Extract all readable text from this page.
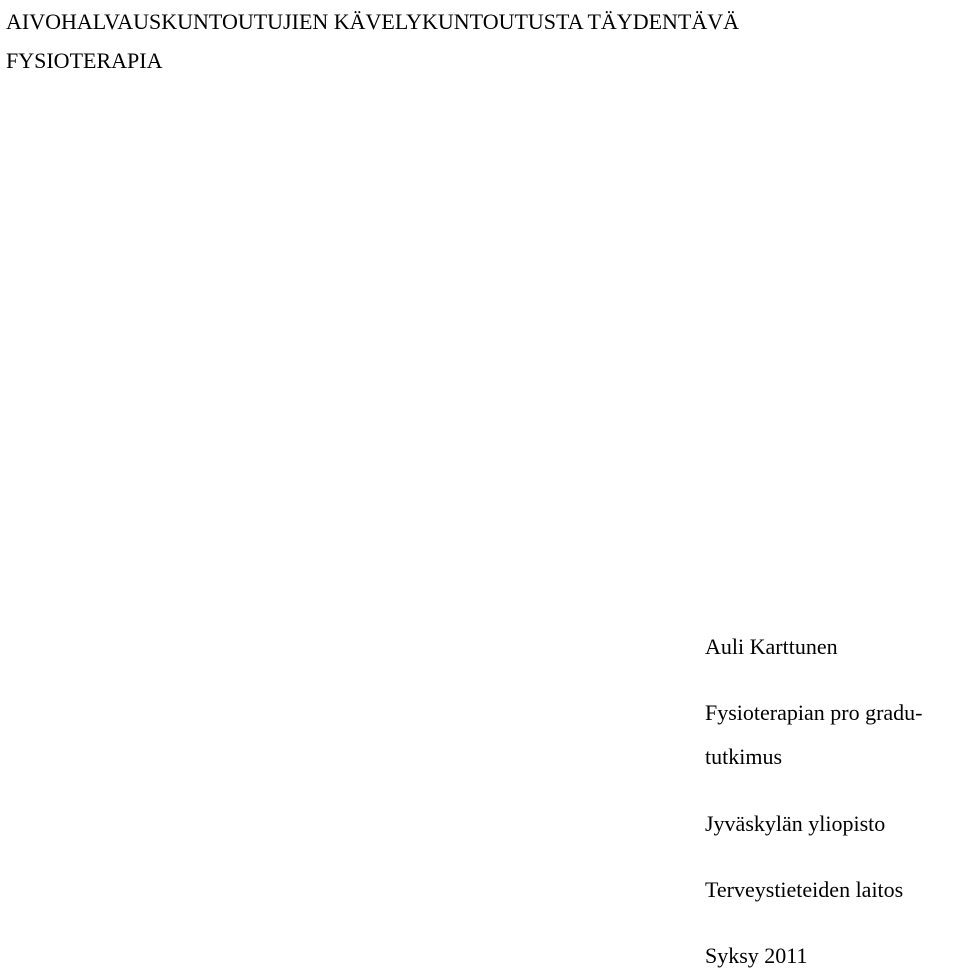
AIVOHALVAUSKUNTOUTUJIEN KÄVELYKUNTOUTUSTA TÄYDENTÄVÄ
FYSIOTERAPIA
Auli Karttunen
Fysioterapian pro gradu-
tutkimus
Jyväskylän yliopisto
Terveystieteiden laitos
Syksy 2011
